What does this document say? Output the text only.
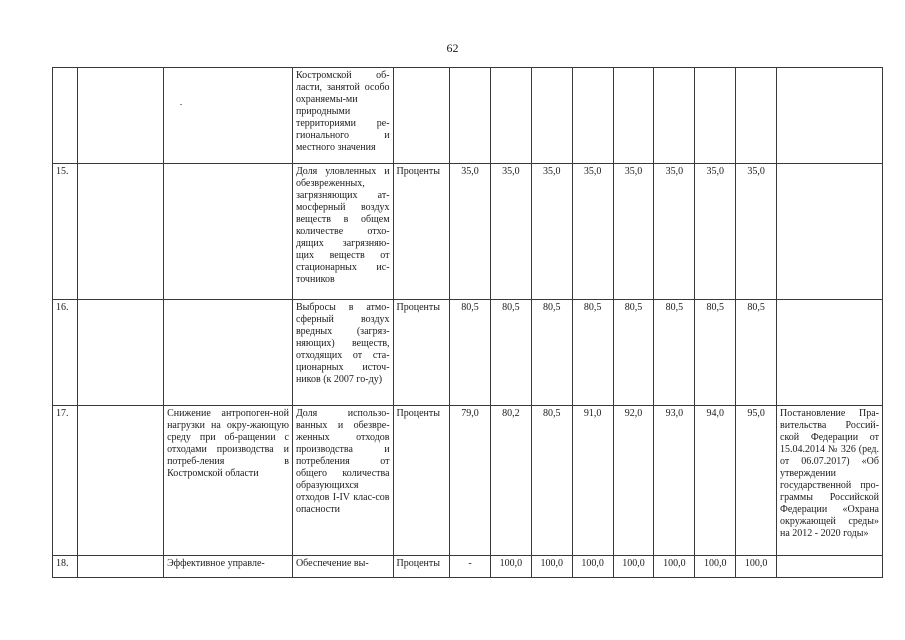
62
			Костромской об-ласти, занятой особо охраняемы-ми природными территориями ре-гионального и местного значения										
15.			Доля уловленных и обезвреженных, загрязняющих ат-мосферный воздух веществ в общем количестве отхо-дящих загрязняю-щих веществ от стационарных ис-точников	Проценты	35,0	35,0	35,0	35,0	35,0	35,0	35,0	35,0	
16.			Выбросы в атмо-сферный воздух вредных (загряз-няющих) веществ, отходящих от ста-ционарных источ-ников (к 2007 го-ду)	Проценты	80,5	80,5	80,5	80,5	80,5	80,5	80,5	80,5	
17.		Снижение антропоген-ной нагрузки на окру-жающую среду при об-ращении с отходами производства и потреб-ления в Костромской области	Доля использо-ванных и обезвре-женных отходов производства и потребления от общего количества образующихся отходов I-IV клас-сов опасности	Проценты	79,0	80,2	80,5	91,0	92,0	93,0	94,0	95,0	Постановление Пра-вительства Россий-ской Федерации от 15.04.2014 № 326 (ред. от 06.07.2017) «Об утверждении государственной про-граммы Российской Федерации «Охрана окружающей среды» на 2012 - 2020 годы»
18.		Эффективное управле-	Обеспечение вы-	Проценты	-	100,0	100,0	100,0	100,0	100,0	100,0	100,0	
